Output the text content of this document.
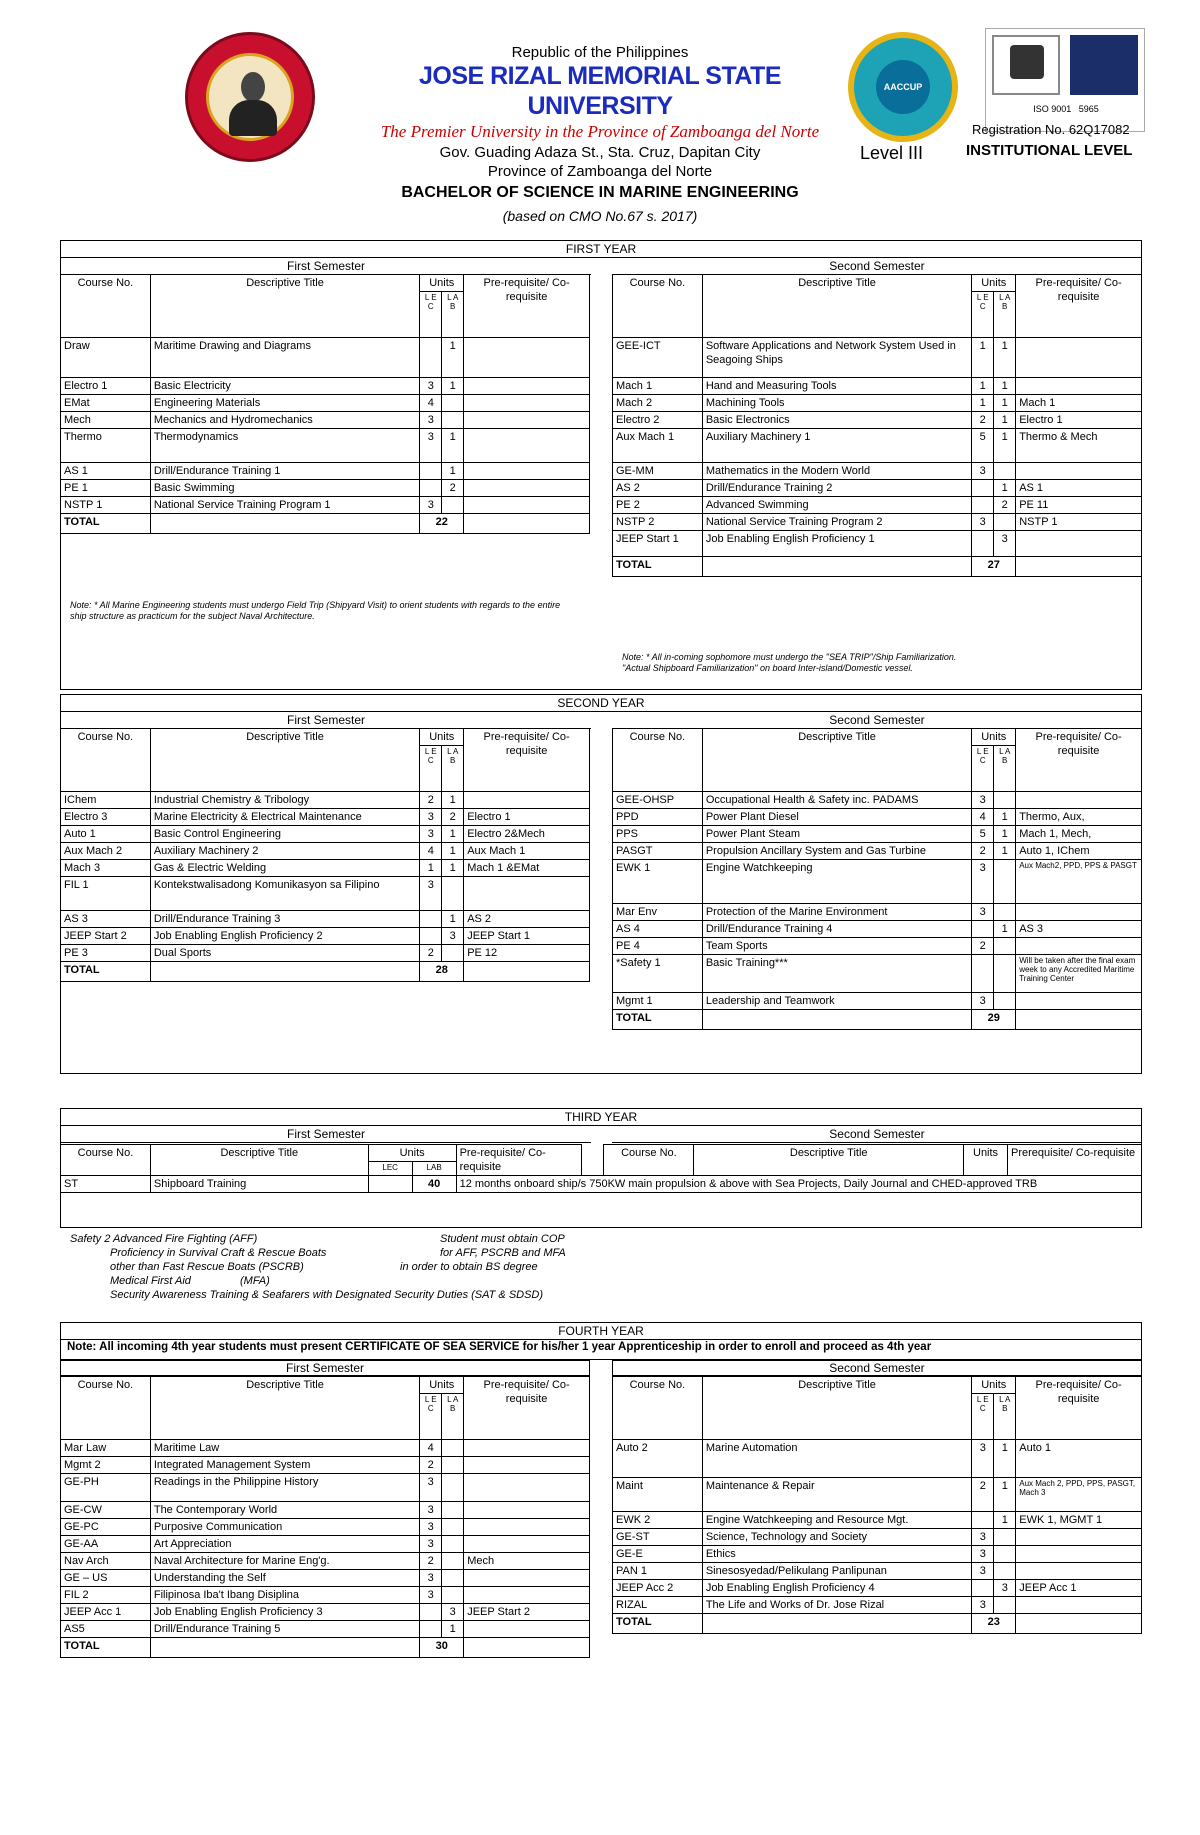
Republic of the Philippines
JOSE RIZAL MEMORIAL STATE UNIVERSITY
The Premier University in the Province of Zamboanga del Norte
Gov. Guading Adaza St., Sta. Cruz, Dapitan City
Province of Zamboanga del Norte
AACCUP
Level III
ISO 9001 5965
Registration No. 62Q17082
INSTITUTIONAL LEVEL
BACHELOR OF SCIENCE IN MARINE ENGINEERING
(based on CMO No.67 s. 2017)
FIRST YEAR
First Semester	Second Semester
Course No.	Descriptive Title	Units		Pre-requisite/ Co-requisite
		L E C	L A B	
Draw	Maritime Drawing and Diagrams		1	
Electro 1	Basic Electricity	3	1	
EMat	Engineering Materials	4		
Mech	Mechanics and Hydromechanics	3		
Thermo	Thermodynamics	3	1	
AS 1	Drill/Endurance Training 1		1	
PE 1	Basic Swimming		2	
NSTP 1	National Service Training Program 1	3		
TOTAL		22		
Note: * All Marine Engineering students must undergo Field Trip (Shipyard Visit) to orient students with regards to the entire ship structure as practicum for the subject Naval Architecture.
Course No.	Descriptive Title	Units		Pre-requisite/ Co-requisite
		L E C	L A B	
GEE-ICT	Software Applications and Network System Used in Seagoing Ships	1	1	
Mach 1	Hand and Measuring Tools	1	1	
Mach 2	Machining Tools	1	1	Mach 1
Electro 2	Basic Electronics	2	1	Electro 1
Aux Mach 1	Auxiliary Machinery 1	5	1	Thermo & Mech
GE-MM	Mathematics in the Modern World	3		
AS 2	Drill/Endurance Training 2		1	AS 1
PE 2	Advanced Swimming		2	PE 11
NSTP 2	National Service Training Program 2	3		NSTP 1
JEEP Start 1	Job Enabling English Proficiency 1		3	
TOTAL		27		
Note: * All in-coming sophomore must undergo the "SEA TRIP"/Ship Familiarization. "Actual Shipboard Familiarization" on board Inter-island/Domestic vessel.
SECOND YEAR
First Semester	Second Semester
Course No.	Descriptive Title	Units		Pre-requisite/ Co-requisite
		L E C	L A B	
IChem	Industrial Chemistry & Tribology	2	1	
Electro 3	Marine Electricity & Electrical Maintenance	3	2	Electro 1
Auto 1	Basic Control Engineering	3	1	Electro 2&Mech
Aux Mach 2	Auxiliary Machinery 2	4	1	Aux Mach 1
Mach 3	Gas & Electric Welding	1	1	Mach 1 &EMat
FIL 1	Kontekstwalisadong Komunikasyon sa Filipino	3		
AS 3	Drill/Endurance Training 3		1	AS 2
JEEP Start 2	Job Enabling English Proficiency 2		3	JEEP Start 1
PE 3	Dual Sports	2		PE 12
TOTAL		28		
Course No.	Descriptive Title	Units		Pre-requisite/ Co-requisite
		L E C	L A B	
GEE-OHSP	Occupational Health & Safety inc. PADAMS	3		
PPD	Power Plant Diesel	4	1	Thermo, Aux,
PPS	Power Plant Steam	5	1	Mach 1, Mech,
PASGT	Propulsion Ancillary System and Gas Turbine	2	1	Auto 1, IChem
EWK 1	Engine Watchkeeping	3		Aux Mach2, PPD, PPS & PASGT
Mar Env	Protection of the Marine Environment	3		
AS 4	Drill/Endurance Training 4		1	AS 3
PE 4	Team Sports	2		
*Safety 1	Basic Training***			Will be taken after the final exam week to any Accredited Maritime Training Center
Mgmt 1	Leadership and Teamwork	3		
TOTAL		29		
THIRD YEAR
First Semester	Second Semester
Course No.	Descriptive Title	Units		Pre-requisite/ Co-requisite		Course No.	Descriptive Title	Units	Prerequisite/ Co-requisite
		LEC	LAB						
ST	Shipboard Training		40	12 months onboard ship/s 750KW main propulsion & above with Sea Projects, Daily Journal and CHED-approved TRB					
Safety 2 Advanced Fire Fighting (AFF)	Student must obtain COP
Proficiency in Survival Craft & Rescue Boats	for AFF, PSCRB and MFA
other than Fast Rescue Boats (PSCRB)	in order to obtain BS degree
Medical First Aid	(MFA)
Security Awareness Training & Seafarers with Designated Security Duties (SAT & SDSD)
FOURTH YEAR
Note: All incoming 4th year students must present CERTIFICATE OF SEA SERVICE for his/her 1 year Apprenticeship in order to enroll and proceed as 4th year
First Semester	Second Semester
Course No.	Descriptive Title	Units		Pre-requisite/ Co-requisite
		L E C	L A B	
Mar Law	Maritime Law	4		
Mgmt 2	Integrated Management System	2		
GE-PH	Readings in the Philippine History	3		
GE-CW	The Contemporary World	3		
GE-PC	Purposive Communication	3		
GE-AA	Art Appreciation	3		
Nav Arch	Naval Architecture for Marine Eng'g.	2		Mech
GE – US	Understanding the Self	3		
FIL 2	Filipinosa Iba't Ibang Disiplina	3		
JEEP Acc 1	Job Enabling English Proficiency 3		3	JEEP Start 2
AS5	Drill/Endurance Training 5		1	
TOTAL		30		
Course No.	Descriptive Title	Units		Pre-requisite/ Co-requisite
		L E C	L A B	
Auto 2	Marine Automation	3	1	Auto 1
Maint	Maintenance & Repair	2	1	Aux Mach 2, PPD, PPS, PASGT, Mach 3
EWK 2	Engine Watchkeeping and Resource Mgt.		1	EWK 1, MGMT 1
GE-ST	Science, Technology and Society	3		
GE-E	Ethics	3		
PAN 1	Sinesosyedad/Pelikulang Panlipunan	3		
JEEP Acc 2	Job Enabling English Proficiency 4		3	JEEP Acc 1
RIZAL	The Life and Works of Dr. Jose Rizal	3		
TOTAL		23		
